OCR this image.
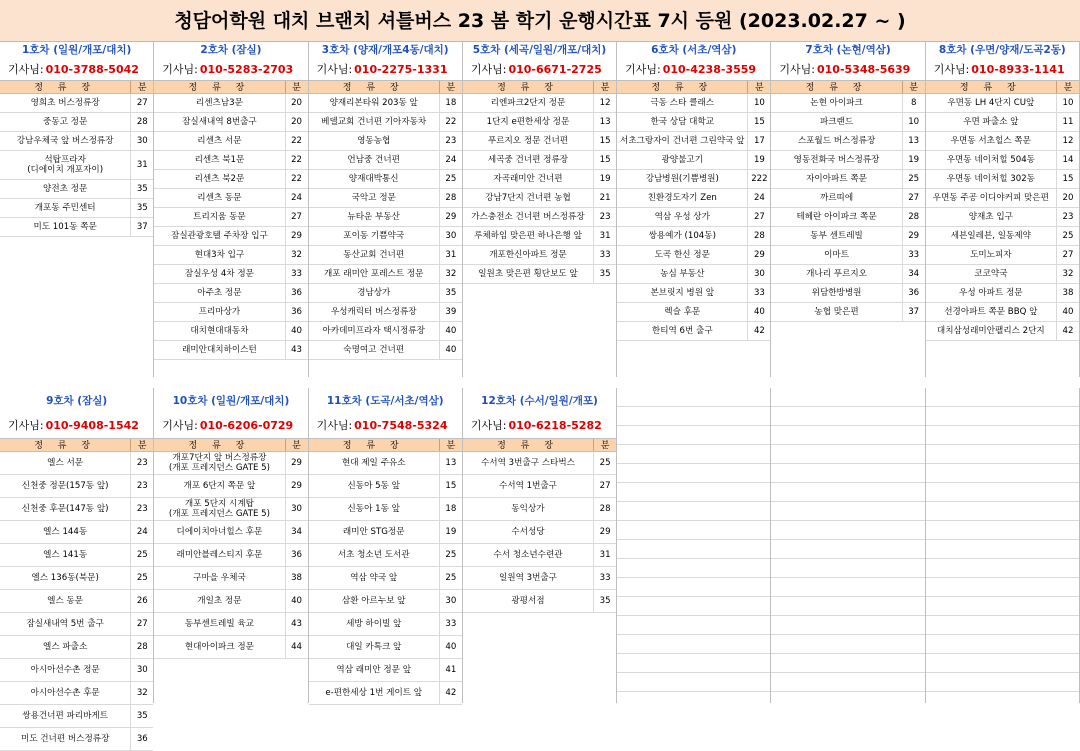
청담어학원 대치 브랜치 셔틀버스 23 봄 학기 운행시간표 7시 등원 (2023.02.27 ~ )
1호차 (일원/개포/대치)
기사님: 010-3788-5042
정 류 장	분
영희초 버스정류장	27
중동고 정문	28
강남우체국 앞 버스정류장	30
석탑프라자
(디에이치 개포자이)	31
양전초 정문	35
개포동 주민센터	35
미도 101동 쪽문	37
2호차 (잠실)
기사님: 010-5283-2703
정 류 장	분
리센츠남3문	20
잠실새내역 8번출구	20
리센츠 서문	22
리센츠 북1문	22
리센츠 북2문	22
리센츠 동문	24
트리지움 동문	27
잠실관광호텔 주차장 입구	29
현대3차 입구	32
잠실우성 4차 정문	33
아주초 정문	36
프리마상가	36
대치현대대동차	40
래미안대치하이스턴	43
3호차 (양재/개포4동/대치)
기사님: 010-2275-1331
정 류 장	분
양재리본타워 203동 앞	18
베델교회 건너편 기아자동차	22
영동농협	23
언남중 건너편	24
양재대박통신	25
국악고 정문	28
뉴타운 부동산	29
포이동 기쁨약국	30
동산교회 건너편	31
개포 래미안 포레스트 정문	32
경남상가	35
우성캐릭터 버스정류장	39
아카데미프라자 택시정류장	40
숙명여고 건너편	40
5호차 (세곡/일원/개포/대치)
기사님: 010-6671-2725
정 류 장	분
리엔파크2단지 정문	12
1단지 e편한세상 정문	13
푸르지오 정문 건너편	15
세곡중 건너편 정류장	15
자곡래미안 건너편	19
강남7단지 건너편 농협	21
가스충전소 건너편 버스정류장	23
루체하임 맞은편 하나은행 앞	31
개포한신아파트 정문	33
일원초 맞은편 횡단보도 앞	35
6호차 (서초/역삼)
기사님: 010-4238-3559
정 류 장	분
극동 스타 클래스	10
한국 상담 대학교	15
서초그랑자이 건너편 그린약국 앞	17
광양불고기	19
강남병원(기쁨병원)	222
친환경도자기 Zen	24
역삼 우성 상가	27
쌍용예가 (104동)	28
도곡 한신 정문	29
농심 부동산	30
본브릿지 병원 앞	33
렉슬 후문	40
한티역 6번 출구	42
7호차 (논현/역삼)
기사님: 010-5348-5639
정 류 장	분
논현 아이파크	8
파크랜드	10
스포월드 버스정류장	13
영동전화국 버스정류장	19
자이아파트 쪽문	25
까르띠에	27
테헤란 아이파크 쪽문	28
동부 센트레빌	29
이마트	33
개나리 푸르지오	34
위담한방병원	36
농협 맞은편	37
8호차 (우면/양재/도곡2동)
기사님: 010-8933-1141
정 류 장	분
우면동 LH 4단지 CU앞	10
우면 파출소 앞	11
우면동 서초힐스 쪽문	12
우면동 네이처힐 504동	14
우면동 네이처힐 302동	15
우면동 주공 이디야커피 맞은편	20
양재초 입구	23
세븐일레븐, 일동제약	25
도미노피자	27
코코약국	32
우성 아파트 정문	38
선경아파트 쪽문 BBQ 앞	40
대치삼성래미안팰리스 2단지	42
9호차 (잠실)
기사님: 010-9408-1542
정 류 장	분
엘스 서문	23
신천중 정문(157동 앞)	23
신천중 후문(147동 앞)	23
엘스 144동	24
엘스 141동	25
엘스 136동(북문)	25
엘스 동문	26
잠실새내역 5번 출구	27
엘스 파출소	28
아시아선수촌 정문	30
아시아선수촌 후문	32
쌍용건너편 파리바게트	35
미도 건너편 버스정류장	36
10호차 (일원/개포/대치)
기사님: 010-6206-0729
정 류 장	분
개포7단지 앞 버스정류장
(개포 프레지던스 GATE 5)	29
개포 6단지 쪽문 앞	29
개포 5단지 시계탑
(개포 프레지던스 GATE 5)	30
디에이치아너힐스 후문	34
래미안블레스티지 후문	36
구마을 우체국	38
개일초 정문	40
동부센트레빌 육교	43
현대아이파크 정문	44
11호차 (도곡/서초/역삼)
기사님: 010-7548-5324
정 류 장	분
현대 제일 주유소	13
신동아 5동 앞	15
신동아 1동 앞	18
래미안 STG정문	19
서초 청소년 도서관	25
역삼 약국 앞	25
삼환 아르누보 앞	30
세방 하이빌 앞	33
대일 카톡크 앞	40
역삼 래미안 정문 앞	41
e-편한세상 1번 게이트 앞	42
12호차 (수서/일원/개포)
기사님: 010-6218-5282
정 류 장	분
수서역 3번출구 스타벅스	25
수서역 1번출구	27
동익상가	28
수서성당	29
수서 청소년수련관	31
일원역 3번출구	33
광평서점	35
